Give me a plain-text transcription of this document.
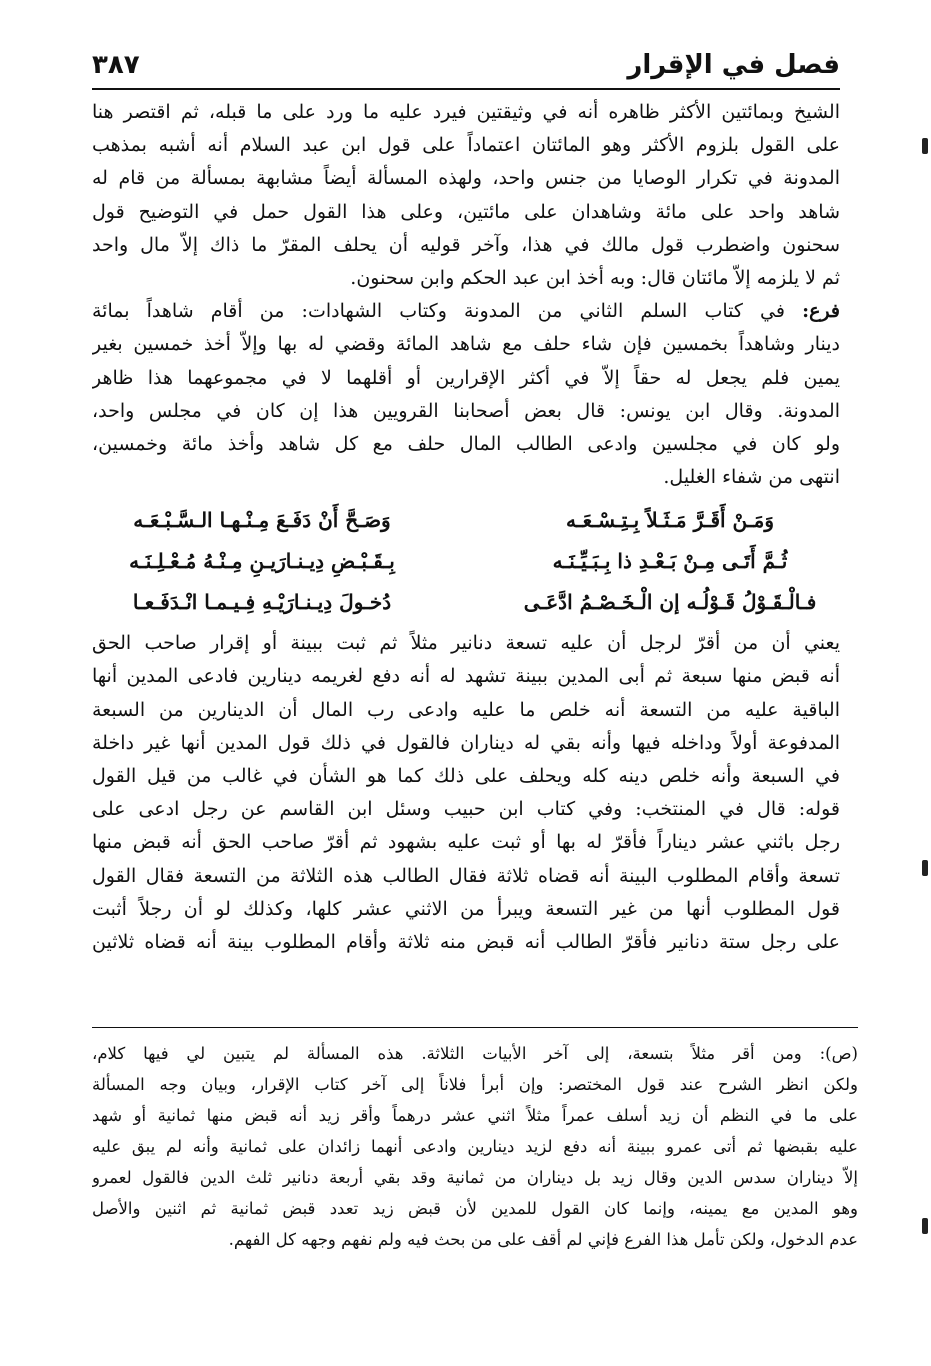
فصل في الإقرار
٣٨٧
الشيخ وبمائتين الأكثر ظاهره أنه في وثيقتين فيرد عليه ما ورد على ما قبله، ثم اقتصر هنا
على القول بلزوم الأكثر وهو المائتان اعتماداً على قول ابن عبد السلام أنه أشبه بمذهب
المدونة في تكرار الوصايا من جنس واحد، ولهذه المسألة أيضاً مشابهة بمسألة من قام له
شاهد واحد على مائة وشاهدان على مائتين، وعلى هذا القول حمل في التوضيح قول
سحنون واضطرب قول مالك في هذا، وآخر قوليه أن يحلف المقرّ ما ذاك إلاّ مال واحد
ثم لا يلزمه إلاّ مائتان قال: وبه أخذ ابن عبد الحكم وابن سحنون.
فرع: في كتاب السلم الثاني من المدونة وكتاب الشهادات: من أقام شاهداً بمائة
دينار وشاهداً بخمسين فإن شاء حلف مع شاهد المائة وقضي له بها وإلاّ أخذ خمسين بغير
يمين فلم يجعل له حقاً إلاّ في أكثر الإقرارين أو أقلهما لا في مجموعهما هذا ظاهر
المدونة. وقال ابن يونس: قال بعض أصحابنا القرويين هذا إن كان في مجلس واحد،
ولو كان في مجلسين وادعى الطالب المال حلف مع كل شاهد وأخذ مائة وخمسين،
انتهى من شفاء الغليل.
وَمَـنْ أَقَـرَّ مَـثَـلاً بِـتِـسْـعَـه
وَصَـحَّ أَنْ دَفَـعَ مِـنْـهـا الـسَّـبْـعَـه
ثُـمَّ أَتَـى مِـنْ بَـعْـدِ ذا بِـبَـيِّـنَـه
بِـقَـبْـضِ دِيـنـارَيـنِ مِـنْـهُ مُـعْـلِـنَـه
فـالْـقَـوْلُ قَـوْلُـه إن الْـخَـصْـمُ ادَّعَـى
دُخـولَ دِيـنـارَيْـهِ فِـيـمـا انْـدَفَـعـا
يعني أن من أقرّ لرجل أن عليه تسعة دنانير مثلاً ثم ثبت ببينة أو إقرار صاحب الحق
أنه قبض منها سبعة ثم أبى المدين ببينة تشهد له أنه دفع لغريمه دينارين فادعى المدين أنها
الباقية عليه من التسعة أنه خلص ما عليه وادعى رب المال أن الدينارين من السبعة
المدفوعة أولاً وداخله فيها وأنه بقي له ديناران فالقول في ذلك قول المدين أنها غير داخلة
في السبعة وأنه خلص دينه كله ويحلف على ذلك كما هو الشأن في غالب من قيل القول
قوله: قال في المنتخب: وفي كتاب ابن حبيب وسئل ابن القاسم عن رجل ادعى على
رجل باثني عشر ديناراً فأقرّ له بها أو ثبت عليه بشهود ثم أقرّ صاحب الحق أنه قبض منها
تسعة وأقام المطلوب البينة أنه قضاه ثلاثة فقال الطالب هذه الثلاثة من التسعة فقال القول
قول المطلوب أنها من غير التسعة ويبرأ من الاثني عشر كلها، وكذلك لو أن رجلاً أثبت
على رجل ستة دنانير فأقرّ الطالب أنه قبض منه ثلاثة وأقام المطلوب بينة أنه قضاه ثلاثين
(ص): ومن أقر مثلاً بتسعة، إلى آخر الأبيات الثلاثة. هذه المسألة لم يتبين لي فيها كلام،
ولكن انظر الشرح عند قول المختصر: وإن أبرأ فلاناً إلى آخر كتاب الإقرار، وبيان وجه المسألة
على ما في النظم أن زيد أسلف عمراً مثلاً اثني عشر درهماً وأقر زيد أنه قبض منها ثمانية أو شهد
عليه بقبضها ثم أتى عمرو ببينة أنه دفع لزيد دينارين وادعى أنهما زائدان على ثمانية وأنه لم يبق عليه
إلاّ ديناران سدس الدين وقال زيد بل ديناران من ثمانية وقد بقي أربعة دنانير ثلث الدين فالقول لعمرو
وهو المدين مع يمينه، وإنما كان القول للمدين لأن قبض زيد تعدد قبض ثمانية ثم اثنين والأصل
عدم الدخول، ولكن تأمل هذا الفرع فإني لم أقف على من بحث فيه ولم نفهم وجهه كل الفهم.
